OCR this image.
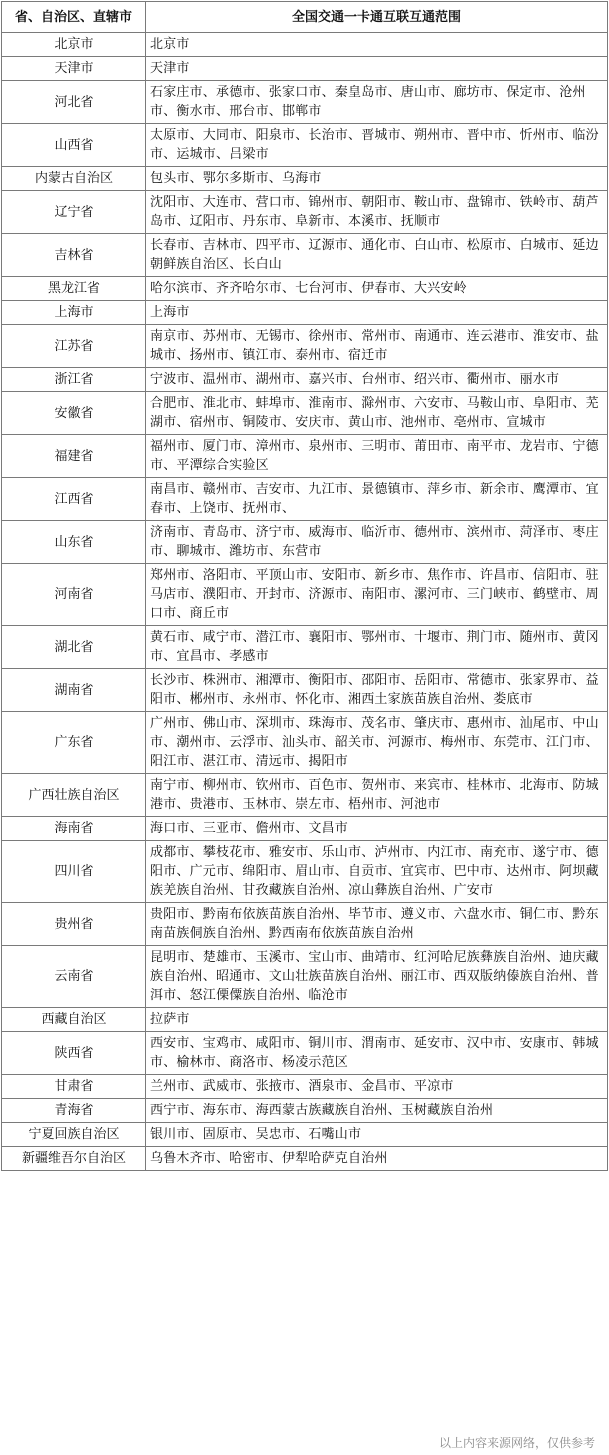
省、自治区、直辖市	全国交通一卡通互联互通范围
北京市	北京市
天津市	天津市
河北省	石家庄市、承德市、张家口市、秦皇岛市、唐山市、廊坊市、保定市、沧州市、衡水市、邢台市、邯郸市
山西省	太原市、大同市、阳泉市、长治市、晋城市、朔州市、晋中市、忻州市、临汾市、运城市、吕梁市
内蒙古自治区	包头市、鄂尔多斯市、乌海市
辽宁省	沈阳市、大连市、营口市、锦州市、朝阳市、鞍山市、盘锦市、铁岭市、葫芦岛市、辽阳市、丹东市、阜新市、本溪市、抚顺市
吉林省	长春市、吉林市、四平市、辽源市、通化市、白山市、松原市、白城市、延边朝鲜族自治区、长白山
黑龙江省	哈尔滨市、齐齐哈尔市、七台河市、伊春市、大兴安岭
上海市	上海市
江苏省	南京市、苏州市、无锡市、徐州市、常州市、南通市、连云港市、淮安市、盐城市、扬州市、镇江市、泰州市、宿迁市
浙江省	宁波市、温州市、湖州市、嘉兴市、台州市、绍兴市、衢州市、丽水市
安徽省	合肥市、淮北市、蚌埠市、淮南市、滁州市、六安市、马鞍山市、阜阳市、芜湖市、宿州市、铜陵市、安庆市、黄山市、池州市、亳州市、宣城市
福建省	福州市、厦门市、漳州市、泉州市、三明市、莆田市、南平市、龙岩市、宁德市、平潭综合实验区
江西省	南昌市、赣州市、吉安市、九江市、景德镇市、萍乡市、新余市、鹰潭市、宜春市、上饶市、抚州市、
山东省	济南市、青岛市、济宁市、威海市、临沂市、德州市、滨州市、菏泽市、枣庄市、聊城市、潍坊市、东营市
河南省	郑州市、洛阳市、平顶山市、安阳市、新乡市、焦作市、许昌市、信阳市、驻马店市、濮阳市、开封市、济源市、南阳市、漯河市、三门峡市、鹤壁市、周口市、商丘市
湖北省	黄石市、咸宁市、潜江市、襄阳市、鄂州市、十堰市、荆门市、随州市、黄冈市、宜昌市、孝感市
湖南省	长沙市、株洲市、湘潭市、衡阳市、邵阳市、岳阳市、常德市、张家界市、益阳市、郴州市、永州市、怀化市、湘西土家族苗族自治州、娄底市
广东省	广州市、佛山市、深圳市、珠海市、茂名市、肇庆市、惠州市、汕尾市、中山市、潮州市、云浮市、汕头市、韶关市、河源市、梅州市、东莞市、江门市、阳江市、湛江市、清远市、揭阳市
广西壮族自治区	南宁市、柳州市、钦州市、百色市、贺州市、来宾市、桂林市、北海市、防城港市、贵港市、玉林市、崇左市、梧州市、河池市
海南省	海口市、三亚市、儋州市、文昌市
四川省	成都市、攀枝花市、雅安市、乐山市、泸州市、内江市、南充市、遂宁市、德阳市、广元市、绵阳市、眉山市、自贡市、宜宾市、巴中市、达州市、阿坝藏族羌族自治州、甘孜藏族自治州、凉山彝族自治州、广安市
贵州省	贵阳市、黔南布依族苗族自治州、毕节市、遵义市、六盘水市、铜仁市、黔东南苗族侗族自治州、黔西南布依族苗族自治州
云南省	昆明市、楚雄市、玉溪市、宝山市、曲靖市、红河哈尼族彝族自治州、迪庆藏族自治州、昭通市、文山壮族苗族自治州、丽江市、西双版纳傣族自治州、普洱市、怒江傈僳族自治州、临沧市
西藏自治区	拉萨市
陕西省	西安市、宝鸡市、咸阳市、铜川市、渭南市、延安市、汉中市、安康市、韩城市、榆林市、商洛市、杨凌示范区
甘肃省	兰州市、武威市、张掖市、酒泉市、金昌市、平凉市
青海省	西宁市、海东市、海西蒙古族藏族自治州、玉树藏族自治州
宁夏回族自治区	银川市、固原市、吴忠市、石嘴山市
新疆维吾尔自治区	乌鲁木齐市、哈密市、伊犁哈萨克自治州
以上内容来源网络，仅供参考
